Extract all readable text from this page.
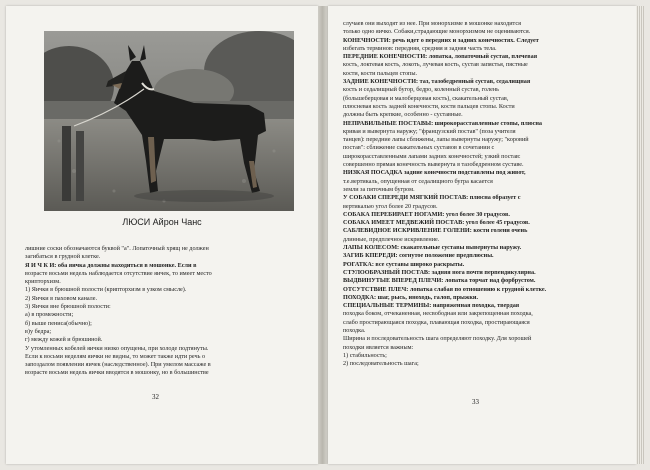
ЛЮСИ Айрон Чанс

лишние соски обозначаются буквой "a". Лопаточный хрящ не должен

загибаться в грудной клетке.

Я И Ч К И: оба яичка должны находиться в мошонке. Если в

возрасте восьми недель наблюдается отсутствие яичек, то имеет место

крипторхизм.

1) Яички в брюшной полости (крипторхизм в узком смысле).

2) Яички в паховом канале.

3) Яички вне брюшной полости:

а) в промежности;

б) выше пениса(обычно);

в)у бедра;

г) между кожей и брюшиной.

У утомленных кобелей яички низко опущены, при холоде подтянуты.

Если к восьми неделям яички не видны, то может также идти речь о

запоздалом появлении яичек (наследственное). При умелом массаже в

возрасте восьми недель яички вводятся в мошонку, но в большинстве

32

случаев они выходят из нее. При монорхизме в мошонке находится

только одно яичко. Собаки,страдающие монорхизмом не оцениваются.

КОНЕЧНОСТИ: речь идет о передних и задних конечностях. Следует

избегать терминов: передняя, средняя и задняя часть тела.

ПЕРЕДНИЕ КОНЕЧНОСТИ: лопатка, лопаточный сустав, плечевая

кость, локтевая кость, локоть, лучевая кость, сустав запястья, пястные

кости, кости пальцев стопы.

ЗАДНИЕ КОНЕЧНОСТИ: таз, тазобедренный сустав, седалищная

кость и седалищный бугор, бедро, коленный сустав, голень

(большеберцовая и малоберцовая кость), скакательный сустав,

плюсневая кость задней конечности, кости пальцев стопы. Кости

должны быть крепкие, особенно - суставные.

НЕПРАВИЛЬНЫЕ ПОСТАВЫ: широкорасставленные стопы, плюсна

кривая и вывернута наружу; "французский постав" (поза учителя

танцев): передние лапы сближены, лапы вывернуты наружу; "коровий

постав": сближение скакательных суставов в сочетании с

широкорасставленными лапами задних конечностей; узкий постав:

совершенно прямая конечность вывернута в тазобедренном суставе.

НИЗКАЯ ПОСАДКА задние конечности подставлены под живот,

т.е.вертикаль, опущенная от седалищного бугра касается

земли за пяточным бугром.

У СОБАКИ СПЕРЕДИ МЯГКИЙ ПОСТАВ: плюсна образует с

вертикалью угол более 20 градусов.

СОБАКА ПЕРЕБИРАЕТ НОГАМИ: угол более 30 градусов.

СОБАКА ИМЕЕТ МЕДВЕЖИЙ ПОСТАВ: угол более 45 градусов.

САБЛЕВИДНОЕ ИСКРИВЛЕНИЕ ГОЛЕНИ: кости голени очень

длинные, предплечное искривление.

ЛАПЫ КОЛЕСОМ: скакательные суставы вывернуты наружу.

ЗАГИБ КПЕРЕДИ: согнутое положение предплюсны.

РОГАТКА: все суставы широко раскрыты.

СТУЛООБРАЗНЫЙ ПОСТАВ: задняя нога почти перпендикулярна.

ВЫДВИНУТЫЕ ВПЕРЕД ПЛЕЧИ: лопатка торчат над форбрустом.

ОТСУТСТВИЕ ПЛЕЧ: лопатка слабая по отношению к грудной клетке.

ПОХОДКА: шаг, рысь, иноходь, галоп, прыжки.

СПЕЦИАЛЬНЫЕ ТЕРМИНЫ: напряженная походка, твердая

походка боком, отчеканенная, несвободная или закрепощенная походка,

слабо простирающаяся походка, плавающая походка, простирающаяся

походка.

Ширина и последовательность шага определяют походку. Для хорошей

походки является важным:

1) стабильность;

2) последовательность шага;

33
